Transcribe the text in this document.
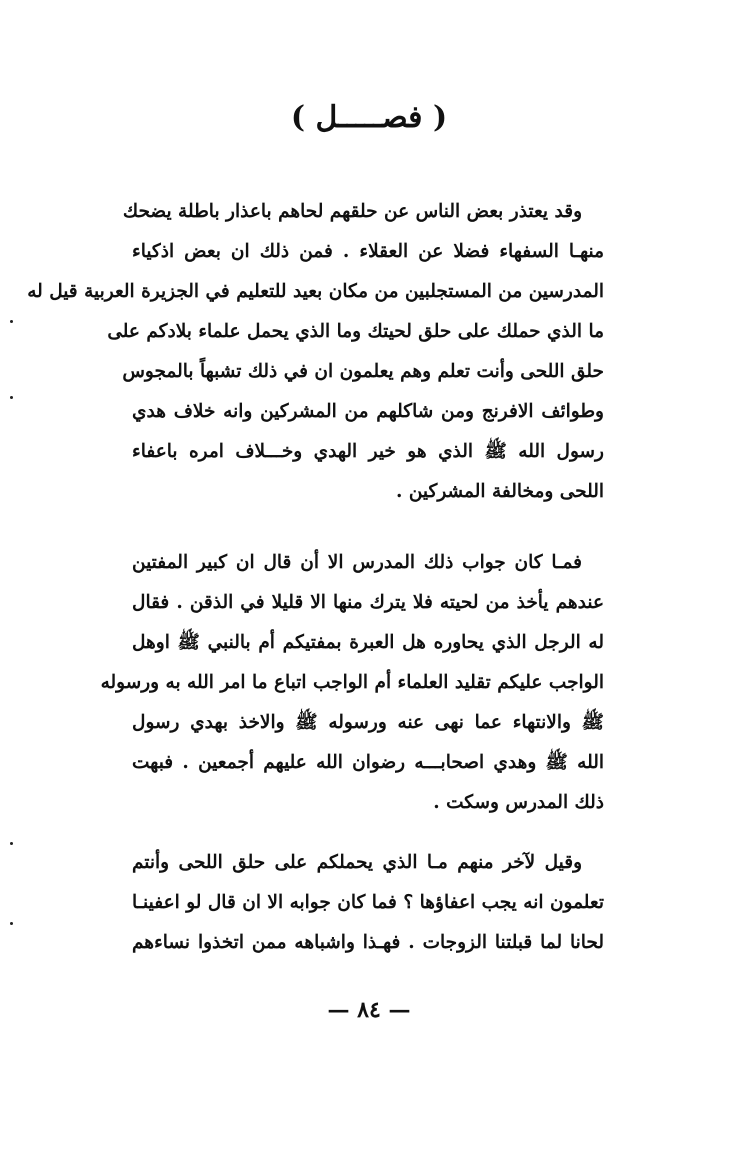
( فصـــــل )
وقد يعتذر بعض الناس عن حلقهم لحاهم باعذار باطلة يضحك
منهـا السفهاء فضلا عن العقلاء . فمن ذلك ان بعض اذكياء
المدرسين من المستجلبين من مكان بعيد للتعليم في الجزيرة العربية قيل له
ما الذي حملك على حلق لحيتك وما الذي يحمل علماء بلادكم على
حلق اللحى وأنت تعلم وهم يعلمون ان في ذلك تشبهاً بالمجوس
وطوائف الافرنج ومن شاكلهم من المشركين وانه خلاف هدي
رسول الله ﷺ الذي هو خير الهدي وخـــلاف امره باعفاء
اللحى ومخالفة المشركين .
فمـا كان جواب ذلك المدرس الا أن قال ان كبير المفتين
عندهم يأخذ من لحيته فلا يترك منها الا قليلا في الذقن . فقال
له الرجل الذي يحاوره هل العبرة بمفتيكم أم بالنبي ﷺ اوهل
الواجب عليكم تقليد العلماء أم الواجب اتباع ما امر الله به ورسوله
ﷺ والانتهاء عما نهى عنه ورسوله ﷺ والاخذ بهدي رسول
الله ﷺ وهدي اصحابـــه رضوان الله عليهم أجمعين . فبهت
ذلك المدرس وسكت .
وقيل لآخر منهم مـا الذي يحملكم على حلق اللحى وأنتم
تعلمون انه يجب اعفاؤها ؟ فما كان جوابه الا ان قال لو اعفينـا
لحانا لما قبلتنا الزوجات . فهـذا واشباهه ممن اتخذوا نساءهم
— ٨٤ —
